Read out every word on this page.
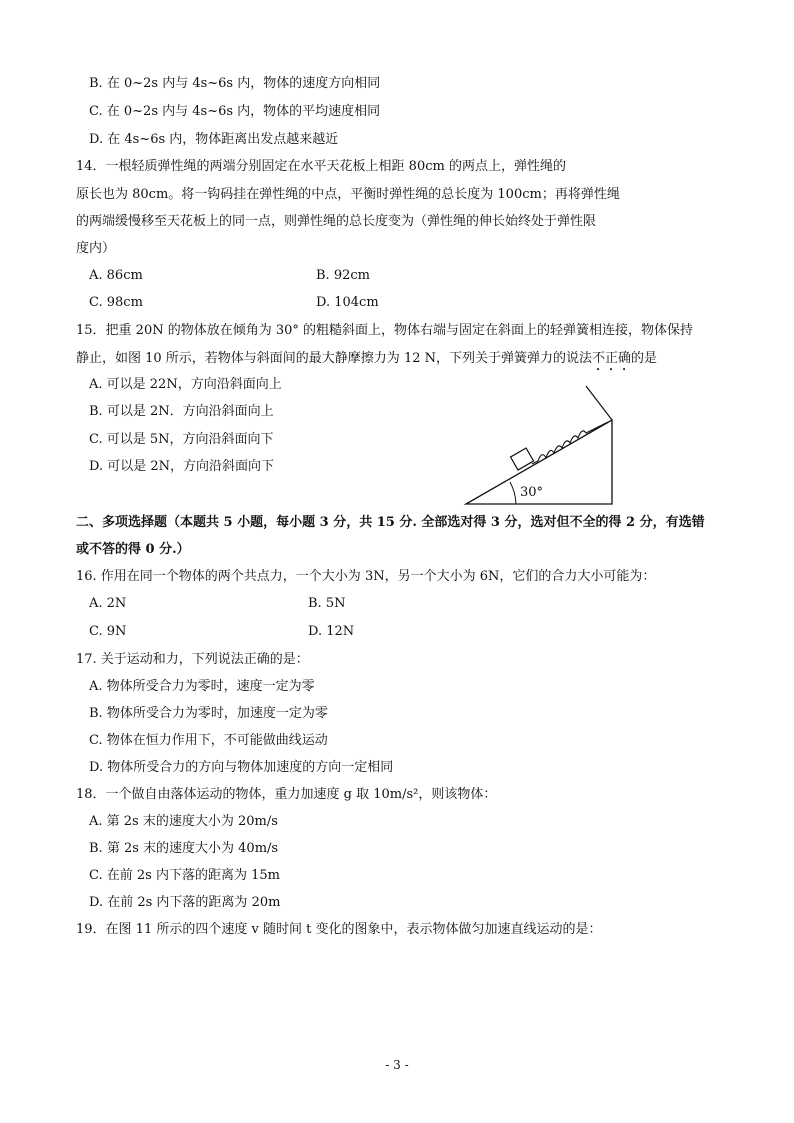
B. 在 0~2s 内与 4s~6s 内，物体的速度方向相同
C. 在 0~2s 内与 4s~6s 内，物体的平均速度相同
D. 在 4s~6s 内，物体距离出发点越来越近
14．一根轻质弹性绳的两端分别固定在水平天花板上相距 80cm 的两点上，弹性绳的
原长也为 80cm。将一钩码挂在弹性绳的中点，平衡时弹性绳的总长度为 100cm；再将弹性绳
的两端缓慢移至天花板上的同一点，则弹性绳的总长度变为（弹性绳的伸长始终处于弹性限
度内）
A. 86cm	B. 92cm
C. 98cm	D. 104cm
15．把重 20N 的物体放在倾角为 30° 的粗糙斜面上，物体右端与固定在斜面上的轻弹簧相连接，物体保持
静止，如图 10 所示，若物体与斜面间的最大静摩擦力为 12 N，下列关于弹簧弹力的说法不正确的是
A. 可以是 22N，方向沿斜面向上
B. 可以是 2N．方向沿斜面向上
C. 可以是 5N，方向沿斜面向下
D. 可以是 2N，方向沿斜面向下
30°
二、多项选择题（本题共 5 小题，每小题 3 分，共 15 分. 全部选对得 3 分，选对但不全的得 2 分，有选错
或不答的得 0 分.）
16. 作用在同一个物体的两个共点力，一个大小为 3N，另一个大小为 6N，它们的合力大小可能为：
A. 2N	B. 5N
C. 9N	D. 12N
17. 关于运动和力，下列说法正确的是：
A. 物体所受合力为零时，速度一定为零
B. 物体所受合力为零时，加速度一定为零
C. 物体在恒力作用下，不可能做曲线运动
D. 物体所受合力的方向与物体加速度的方向一定相同
18．一个做自由落体运动的物体，重力加速度 g 取 10m/s²，则该物体：
A. 第 2s 末的速度大小为 20m/s
B. 第 2s 末的速度大小为 40m/s
C. 在前 2s 内下落的距离为 15m
D. 在前 2s 内下落的距离为 20m
19．在图 11 所示的四个速度 v 随时间 t 变化的图象中，表示物体做匀加速直线运动的是：
- 3 -
